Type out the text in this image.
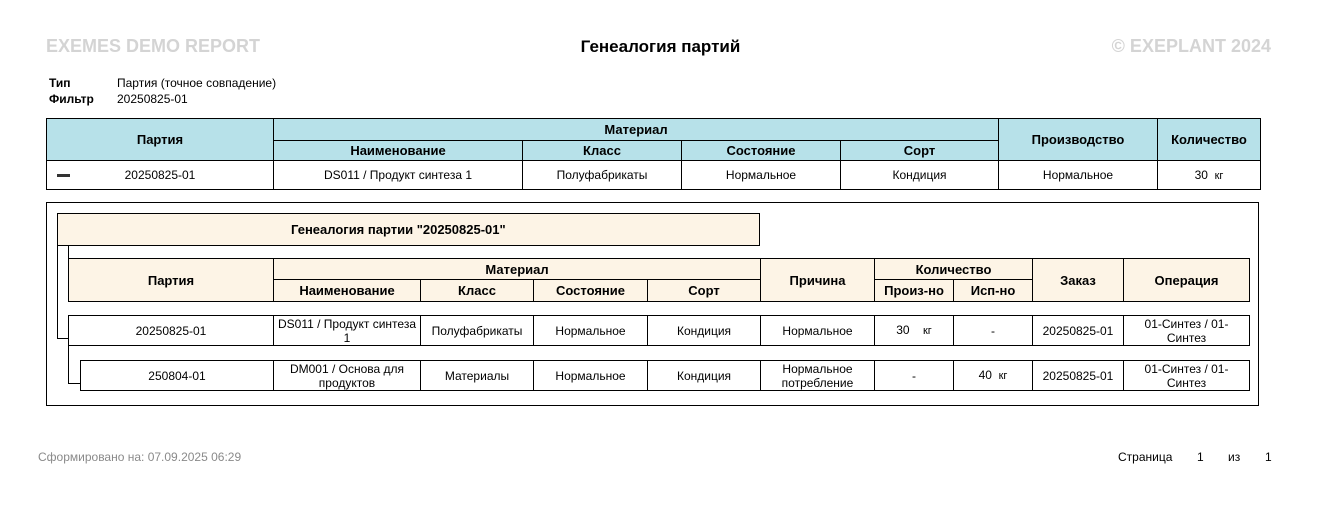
EXEMES DEMO REPORT	Генеалогия партий	© EXEPLANT 2024
Тип	Партия (точное совпадение)
Фильтр 20250825-01
Партия	Материал				Производство	Количество
	Наименование	Класс	Состояние	Сорт		

20250825-01	DS011 / Продукт синтеза 1	Полуфабрикаты	Нормальное	Кондиция	Нормальное	30 кг
Генеалогия партии "20250825-01"
Партия	Материал				Причина	Количество		Заказ	Операция
	Наименование	Класс	Состояние	Сорт		Произ-но	Исп-но		
20250825-01	DS011 / Продукт синтеза 1	Полуфабрикаты	Нормальное	Кондиция	Нормальное	30 кг	-	20250825-01	01-Синтез / 01-Синтез
250804-01	DM001 / Основа для продуктов	Материалы	Нормальное	Кондиция	Нормальное потребление	-	40 кг	20250825-01	01-Синтез / 01-Синтез
Сформировано на: 07.09.2025 06:29	Страница 1 из 1
